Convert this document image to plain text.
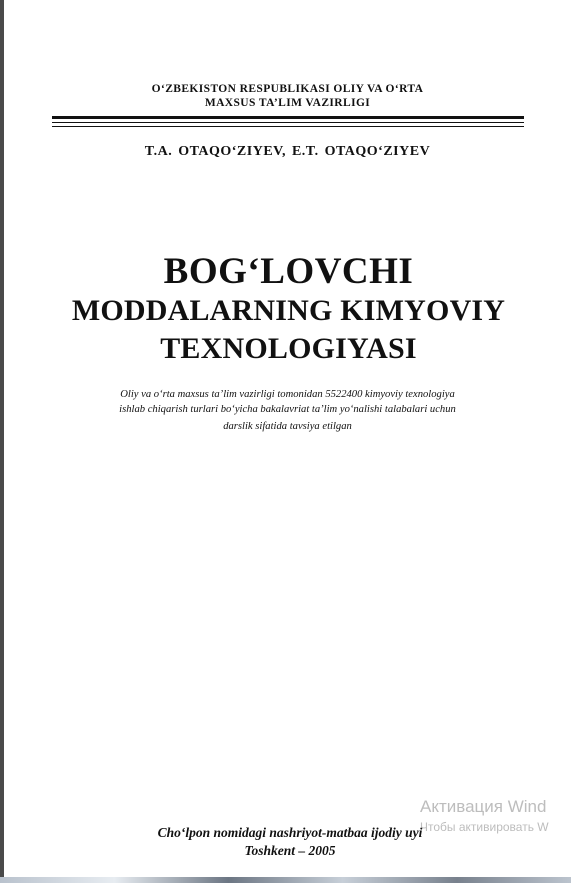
O‘ZBEKISTON RESPUBLIKASI OLIY VA O‘RTA
MAXSUS TA’LIM VAZIRLIGI
T.A. OTAQO‘ZIYEV, E.T. OTAQO‘ZIYEV
BOG‘LOVCHI
MODDALARNING KIMYOVIY
TEXNOLOGIYASI
Oliy va o‘rta maxsus ta’lim vazirligi tomonidan 5522400 kimyoviy texnologiya
ishlab chiqarish turlari bo‘yicha bakalavriat ta’lim yo‘nalishi talabalari uchun
darslik sifatida tavsiya etilgan
Cho‘lpon nomidagi nashriyot-matbaa ijodiy uyi
Toshkent – 2005
Активация Wind
Чтобы активировать W
